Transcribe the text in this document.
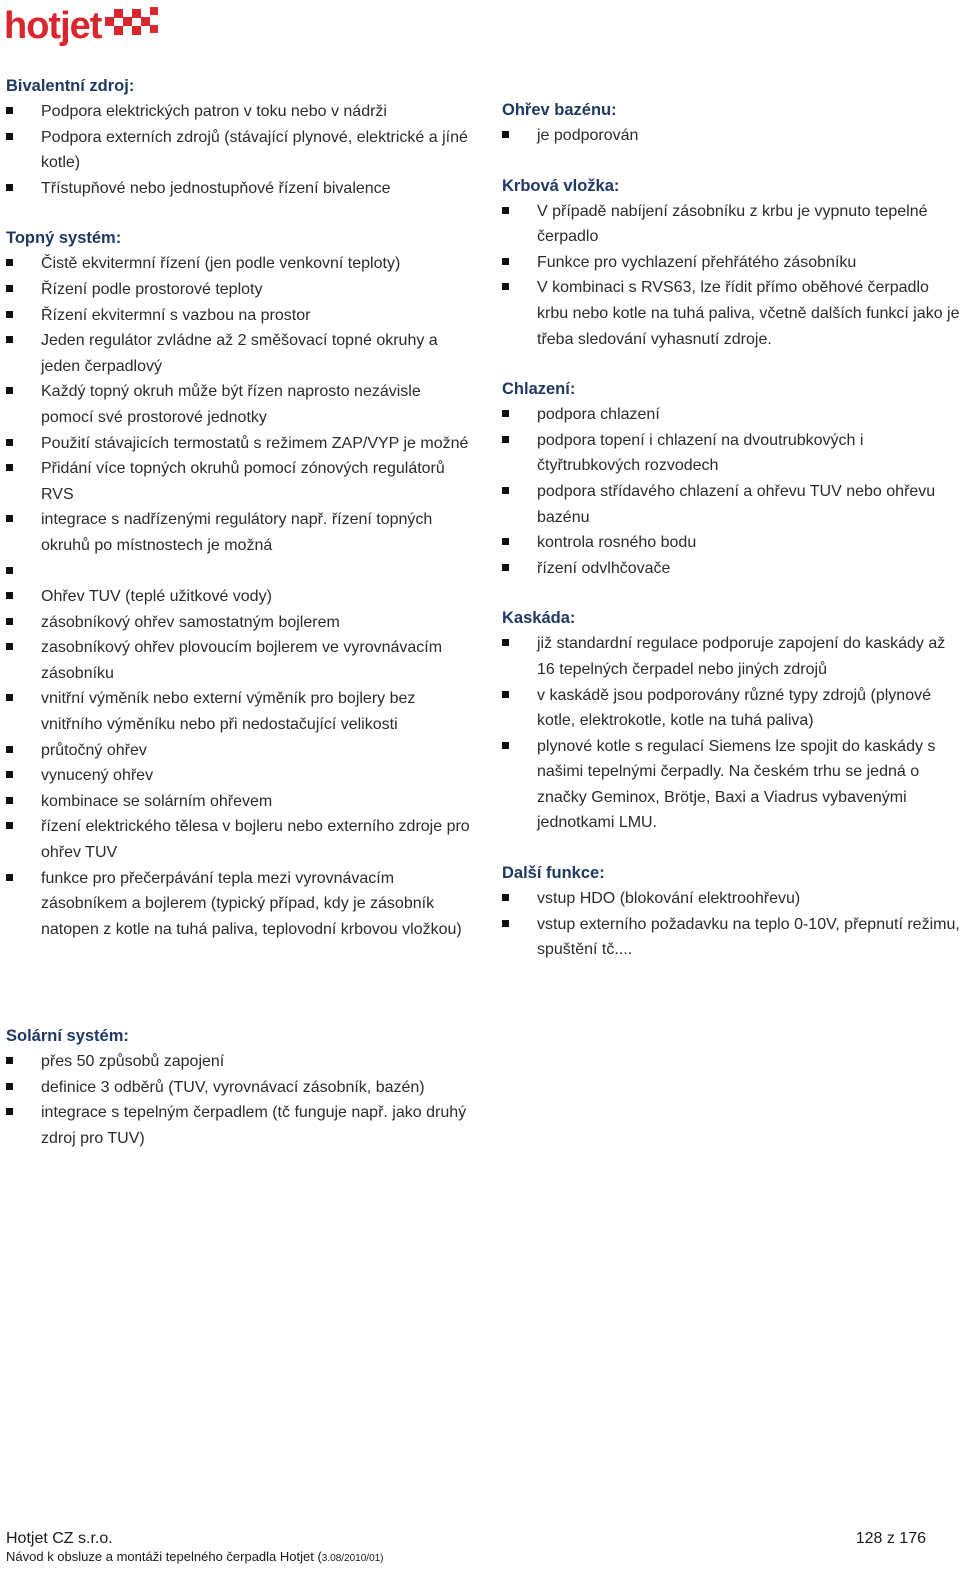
hotjet
Bivalentní zdroj:
Podpora elektrických patron v toku nebo v nádrži
Podpora externích zdrojů (stávající plynové, elektrické a jíné kotle)
Třístupňové nebo jednostupňové řízení bivalence
Topný systém:
Čistě ekvitermní řízení (jen podle venkovní teploty)
Řízení podle prostorové teploty
Řízení ekvitermní s vazbou na prostor
Jeden regulátor zvládne až 2 směšovací topné okruhy a jeden čerpadlový
Každý topný okruh může být řízen naprosto nezávisle pomocí své prostorové jednotky
Použití stávajicích termostatů s režimem ZAP/VYP je možné
Přidání více topných okruhů pomocí zónových regulátorů RVS
integrace s nadřízenými regulátory např. řízení topných okruhů po místnostech je možná
Ohřev TUV (teplé užitkové vody)
zásobníkový ohřev samostatným bojlerem
zasobníkový ohřev plovoucím bojlerem ve vyrovnávacím zásobníku
vnitřní výměník nebo externí výměník pro bojlery bez vnitřního výměníku nebo při nedostačující velikosti
průtočný ohřev
vynucený ohřev
kombinace se solárním ohřevem
řízení elektrického tělesa v bojleru nebo externího zdroje pro ohřev TUV
funkce pro přečerpávání tepla mezi vyrovnávacím zásobníkem a bojlerem (typický případ, kdy je zásobník natopen z kotle na tuhá paliva, teplovodní krbovou vložkou)
Ohřev bazénu:
je podporován
Krbová vložka:
V případě nabíjení zásobníku z krbu je vypnuto tepelné čerpadlo
Funkce pro vychlazení přehřátého zásobníku
V kombinaci s RVS63, lze řídit přímo oběhové čerpadlo krbu nebo kotle na tuhá paliva, včetně dalších funkcí jako je třeba sledování vyhasnutí zdroje.
Chlazení:
podpora chlazení
podpora topení i chlazení na dvoutrubkových i čtyřtrubkových rozvodech
podpora střídavého chlazení a ohřevu TUV nebo ohřevu bazénu
kontrola rosného bodu
řízení odvlhčovače
Kaskáda:
již standardní regulace podporuje zapojení do kaskády až 16 tepelných čerpadel nebo jiných zdrojů
v kaskádě jsou podporovány různé typy zdrojů (plynové kotle, elektrokotle, kotle na tuhá paliva)
plynové kotle s regulací Siemens lze spojit do kaskády s našimi tepelnými čerpadly. Na českém trhu se jedná o značky Geminox, Brötje, Baxi a Viadrus vybavenými jednotkami LMU.
Další funkce:
vstup HDO (blokování elektroohřevu)
vstup externího požadavku na teplo 0-10V, přepnutí režimu, spuštění tč....
Solární systém:
přes 50 způsobů zapojení
definice 3 odběrů (TUV, vyrovnávací zásobník, bazén)
integrace s tepelným čerpadlem (tč funguje např. jako druhý zdroj pro TUV)
Hotjet CZ s.r.o.
Návod k obsluze a montáži tepelného čerpadla Hotjet (3.08/2010/01)
128 z 176
